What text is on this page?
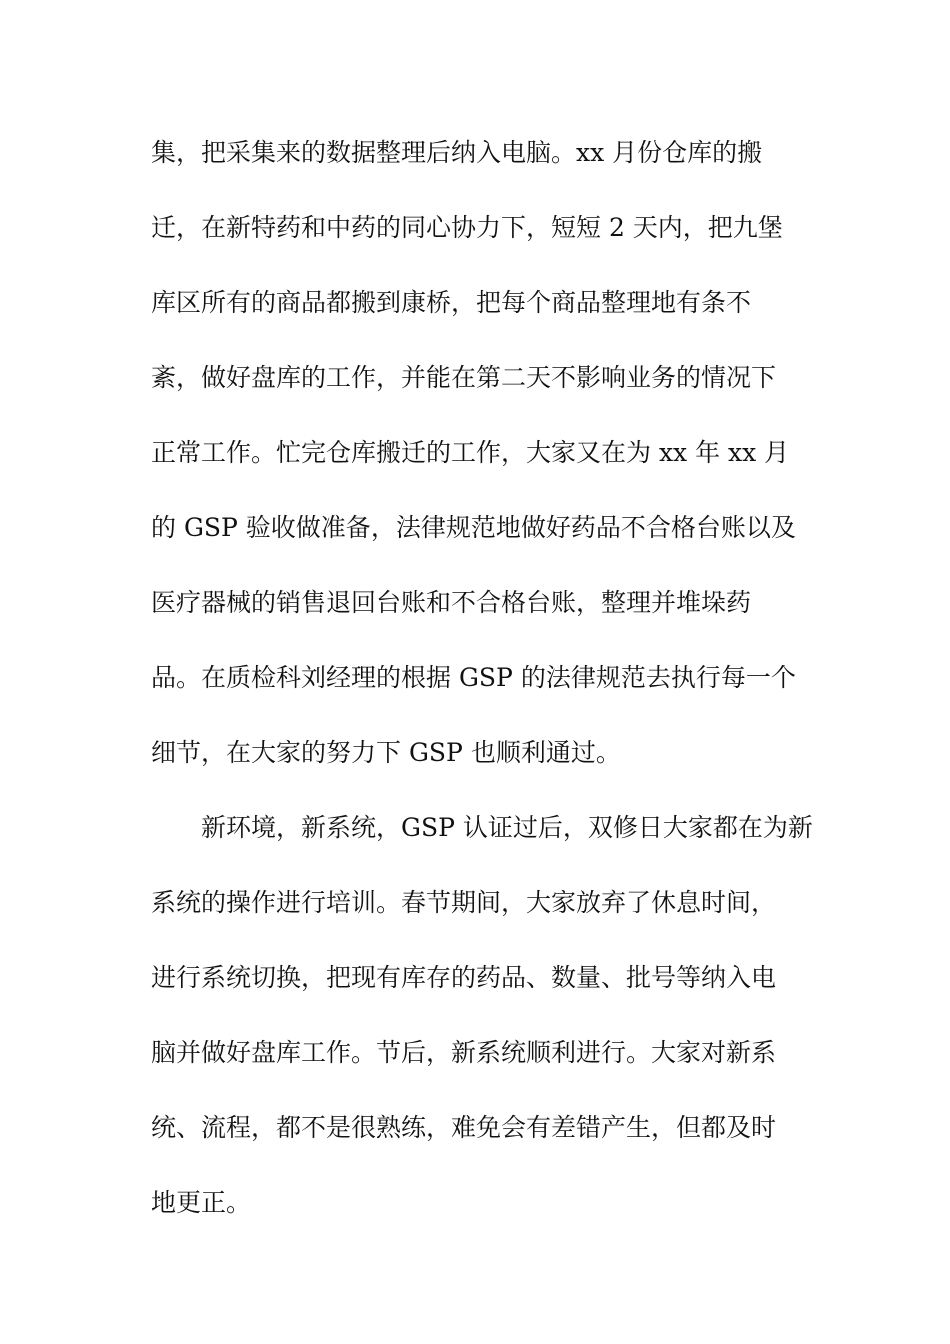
集，把采集来的数据整理后纳入电脑。xx 月份仓库的搬
迁，在新特药和中药的同心协力下，短短 2 天内，把九堡
库区所有的商品都搬到康桥，把每个商品整理地有条不
紊，做好盘库的工作，并能在第二天不影响业务的情况下
正常工作。忙完仓库搬迁的工作，大家又在为 xx 年 xx 月
的 GSP 验收做准备，法律规范地做好药品不合格台账以及
医疗器械的销售退回台账和不合格台账，整理并堆垛药
品。在质检科刘经理的根据 GSP 的法律规范去执行每一个
细节，在大家的努力下 GSP 也顺利通过。
新环境，新系统，GSP 认证过后，双修日大家都在为新
系统的操作进行培训。春节期间，大家放弃了休息时间，
进行系统切换，把现有库存的药品、数量、批号等纳入电
脑并做好盘库工作。节后，新系统顺利进行。大家对新系
统、流程，都不是很熟练，难免会有差错产生，但都及时
地更正。
